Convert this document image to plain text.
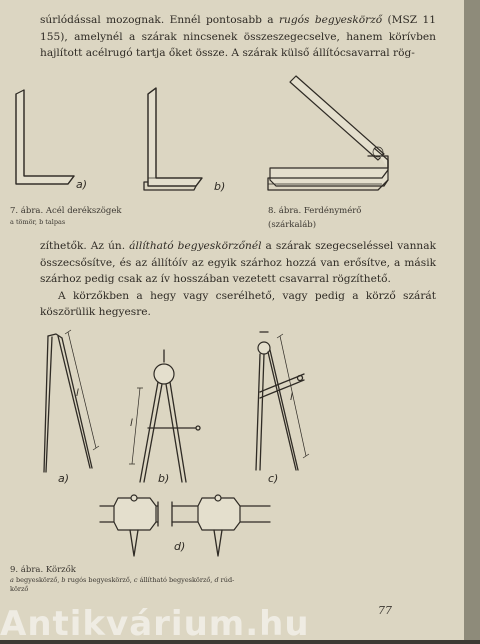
súrlódással mozognak. Ennél pontosabb a rugós begyeskörző (MSZ 11 155), amelynél a szárak nincsenek összeszegecselve, hanem körívben hajlított acélrugó tartja őket össze. A szárak külső állítócsavarral rög-

a)	b)
7. ábra. Acél derékszögek
a tömör, b talpas
8. ábra. Ferdénymérő
(szárkaláb)

zíthetők. Az ún. állítható begyeskörzőnél a szárak szegecseléssel vannak összecsősítve, és az állítóív az egyik szárhoz hozzá van erősítve, a másik szárhoz pedig csak az ív hosszában vezetett csavarral rögzíthető.

A körzőkben a hegy vagy cserélhető, vagy pedig a körző szárát köszörülik hegyesre.

l
l
l
a)	b)	c)
d)
9. ábra. Körzők
a begyeskörző, b rugós begyeskörző, c állítható begyeskörző, d rúd-
körző
77
Antikvárium.hu
